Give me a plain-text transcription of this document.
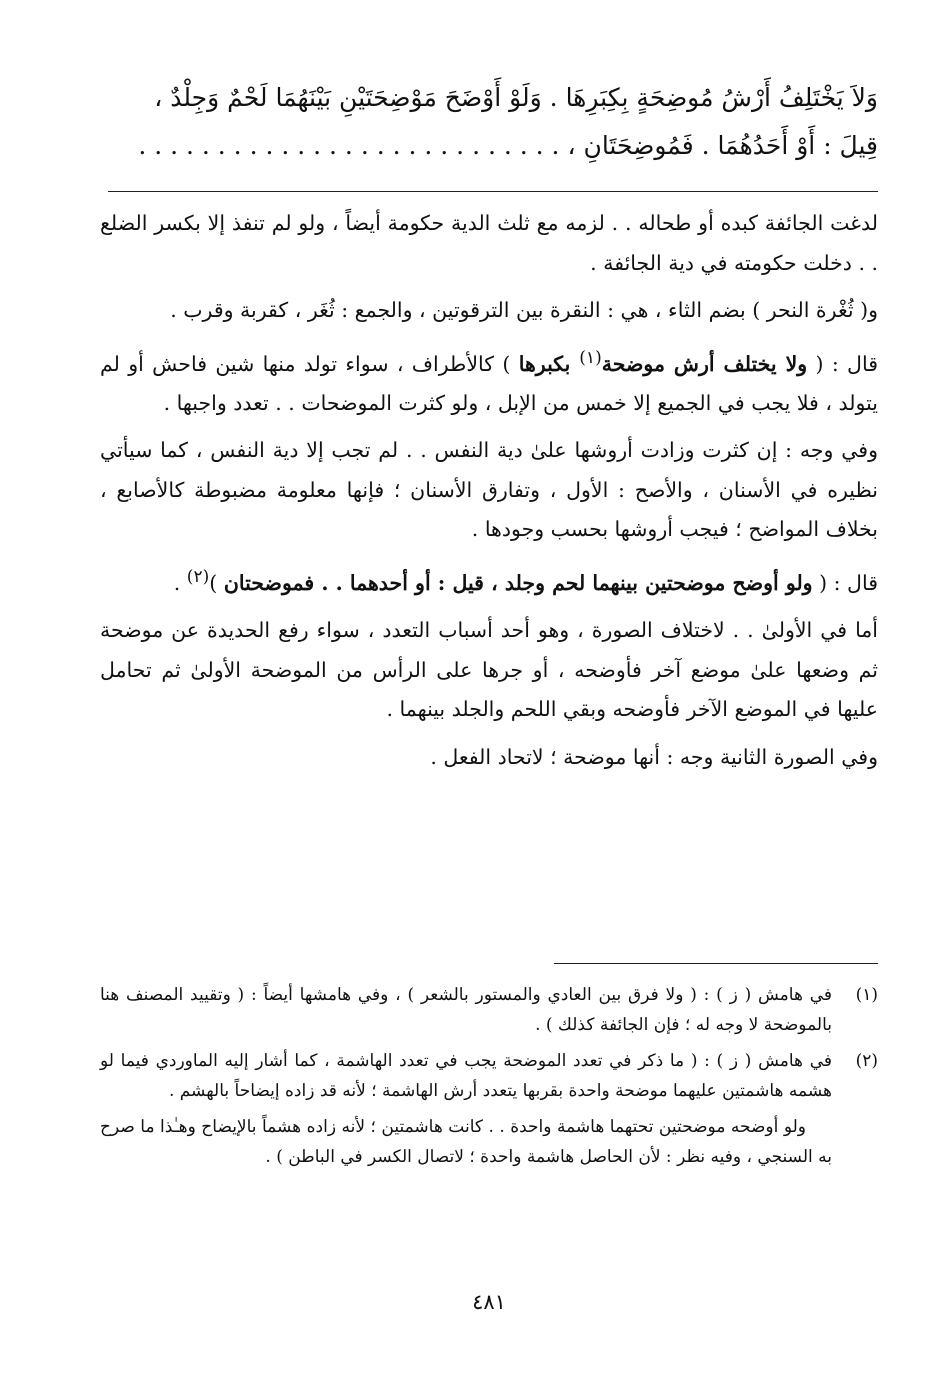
وَلاَ يَخْتَلِفُ أَرْشُ مُوضِحَةٍ بِكِبَرِهَا . وَلَوْ أَوْضَحَ مَوْضِحَتَيْنِ بَيْنَهُمَا لَحْمٌ وَجِلْدٌ ،
قِيلَ : أَوْ أَحَدُهُمَا . فَمُوضِحَتَانِ ، . . . . . . . . . . . . . . . . . . . . . . . . . . .

لدغت الجائفة كبده أو طحاله . . لزمه مع ثلث الدية حكومة أيضاً ، ولو لم تنفذ إلا بكسر الضلع . . دخلت حكومته في دية الجائفة .

و( ثُغْرة النحر ) بضم الثاء ، هي : النقرة بين الترقوتين ، والجمع : ثُغَر ، كقربة وقرب .

قال : ( ولا يختلف أرش موضحة$^{(١)}$ بكبرها ) كالأطراف ، سواء تولد منها شين فاحش أو لم يتولد ، فلا يجب في الجميع إلا خمس من الإبل ، ولو كثرت الموضحات . . تعدد واجبها .

وفي وجه : إن كثرت وزادت أروشها علىٰ دية النفس . . لم تجب إلا دية النفس ، كما سيأتي نظيره في الأسنان ، والأصح : الأول ، وتفارق الأسنان ؛ فإنها معلومة مضبوطة كالأصابع ، بخلاف المواضح ؛ فيجب أروشها بحسب وجودها .

قال : ( ولو أوضح موضحتين بينهما لحم وجلد ، قيل : أو أحدهما . . فموضحتان )$^{(٢)}$ .

أما في الأولىٰ . . لاختلاف الصورة ، وهو أحد أسباب التعدد ، سواء رفع الحديدة عن موضحة ثم وضعها علىٰ موضع آخر فأوضحه ، أو جرها على الرأس من الموضحة الأولىٰ ثم تحامل عليها في الموضع الآخر فأوضحه وبقي اللحم والجلد بينهما .

وفي الصورة الثانية وجه : أنها موضحة ؛ لاتحاد الفعل .

(١)
في هامش ( ز ) : ( ولا فرق بين العادي والمستور بالشعر ) ، وفي هامشها أيضاً : ( وتقييد المصنف هنا بالموضحة لا وجه له ؛ فإن الجائفة كذلك ) .
(٢)
في هامش ( ز ) : ( ما ذكر في تعدد الموضحة يجب في تعدد الهاشمة ، كما أشار إليه الماوردي فيما لو هشمه هاشمتين عليهما موضحة واحدة بقربها يتعدد أرش الهاشمة ؛ لأنه قد زاده إيضاحاً بالهشم .
ولو أوضحه موضحتين تحتهما هاشمة واحدة . . كانت هاشمتين ؛ لأنه زاده هشماً بالإيضاح وهـٰذا ما صرح به السنجي ، وفيه نظر : لأن الحاصل هاشمة واحدة ؛ لاتصال الكسر في الباطن ) .
٤٨١
